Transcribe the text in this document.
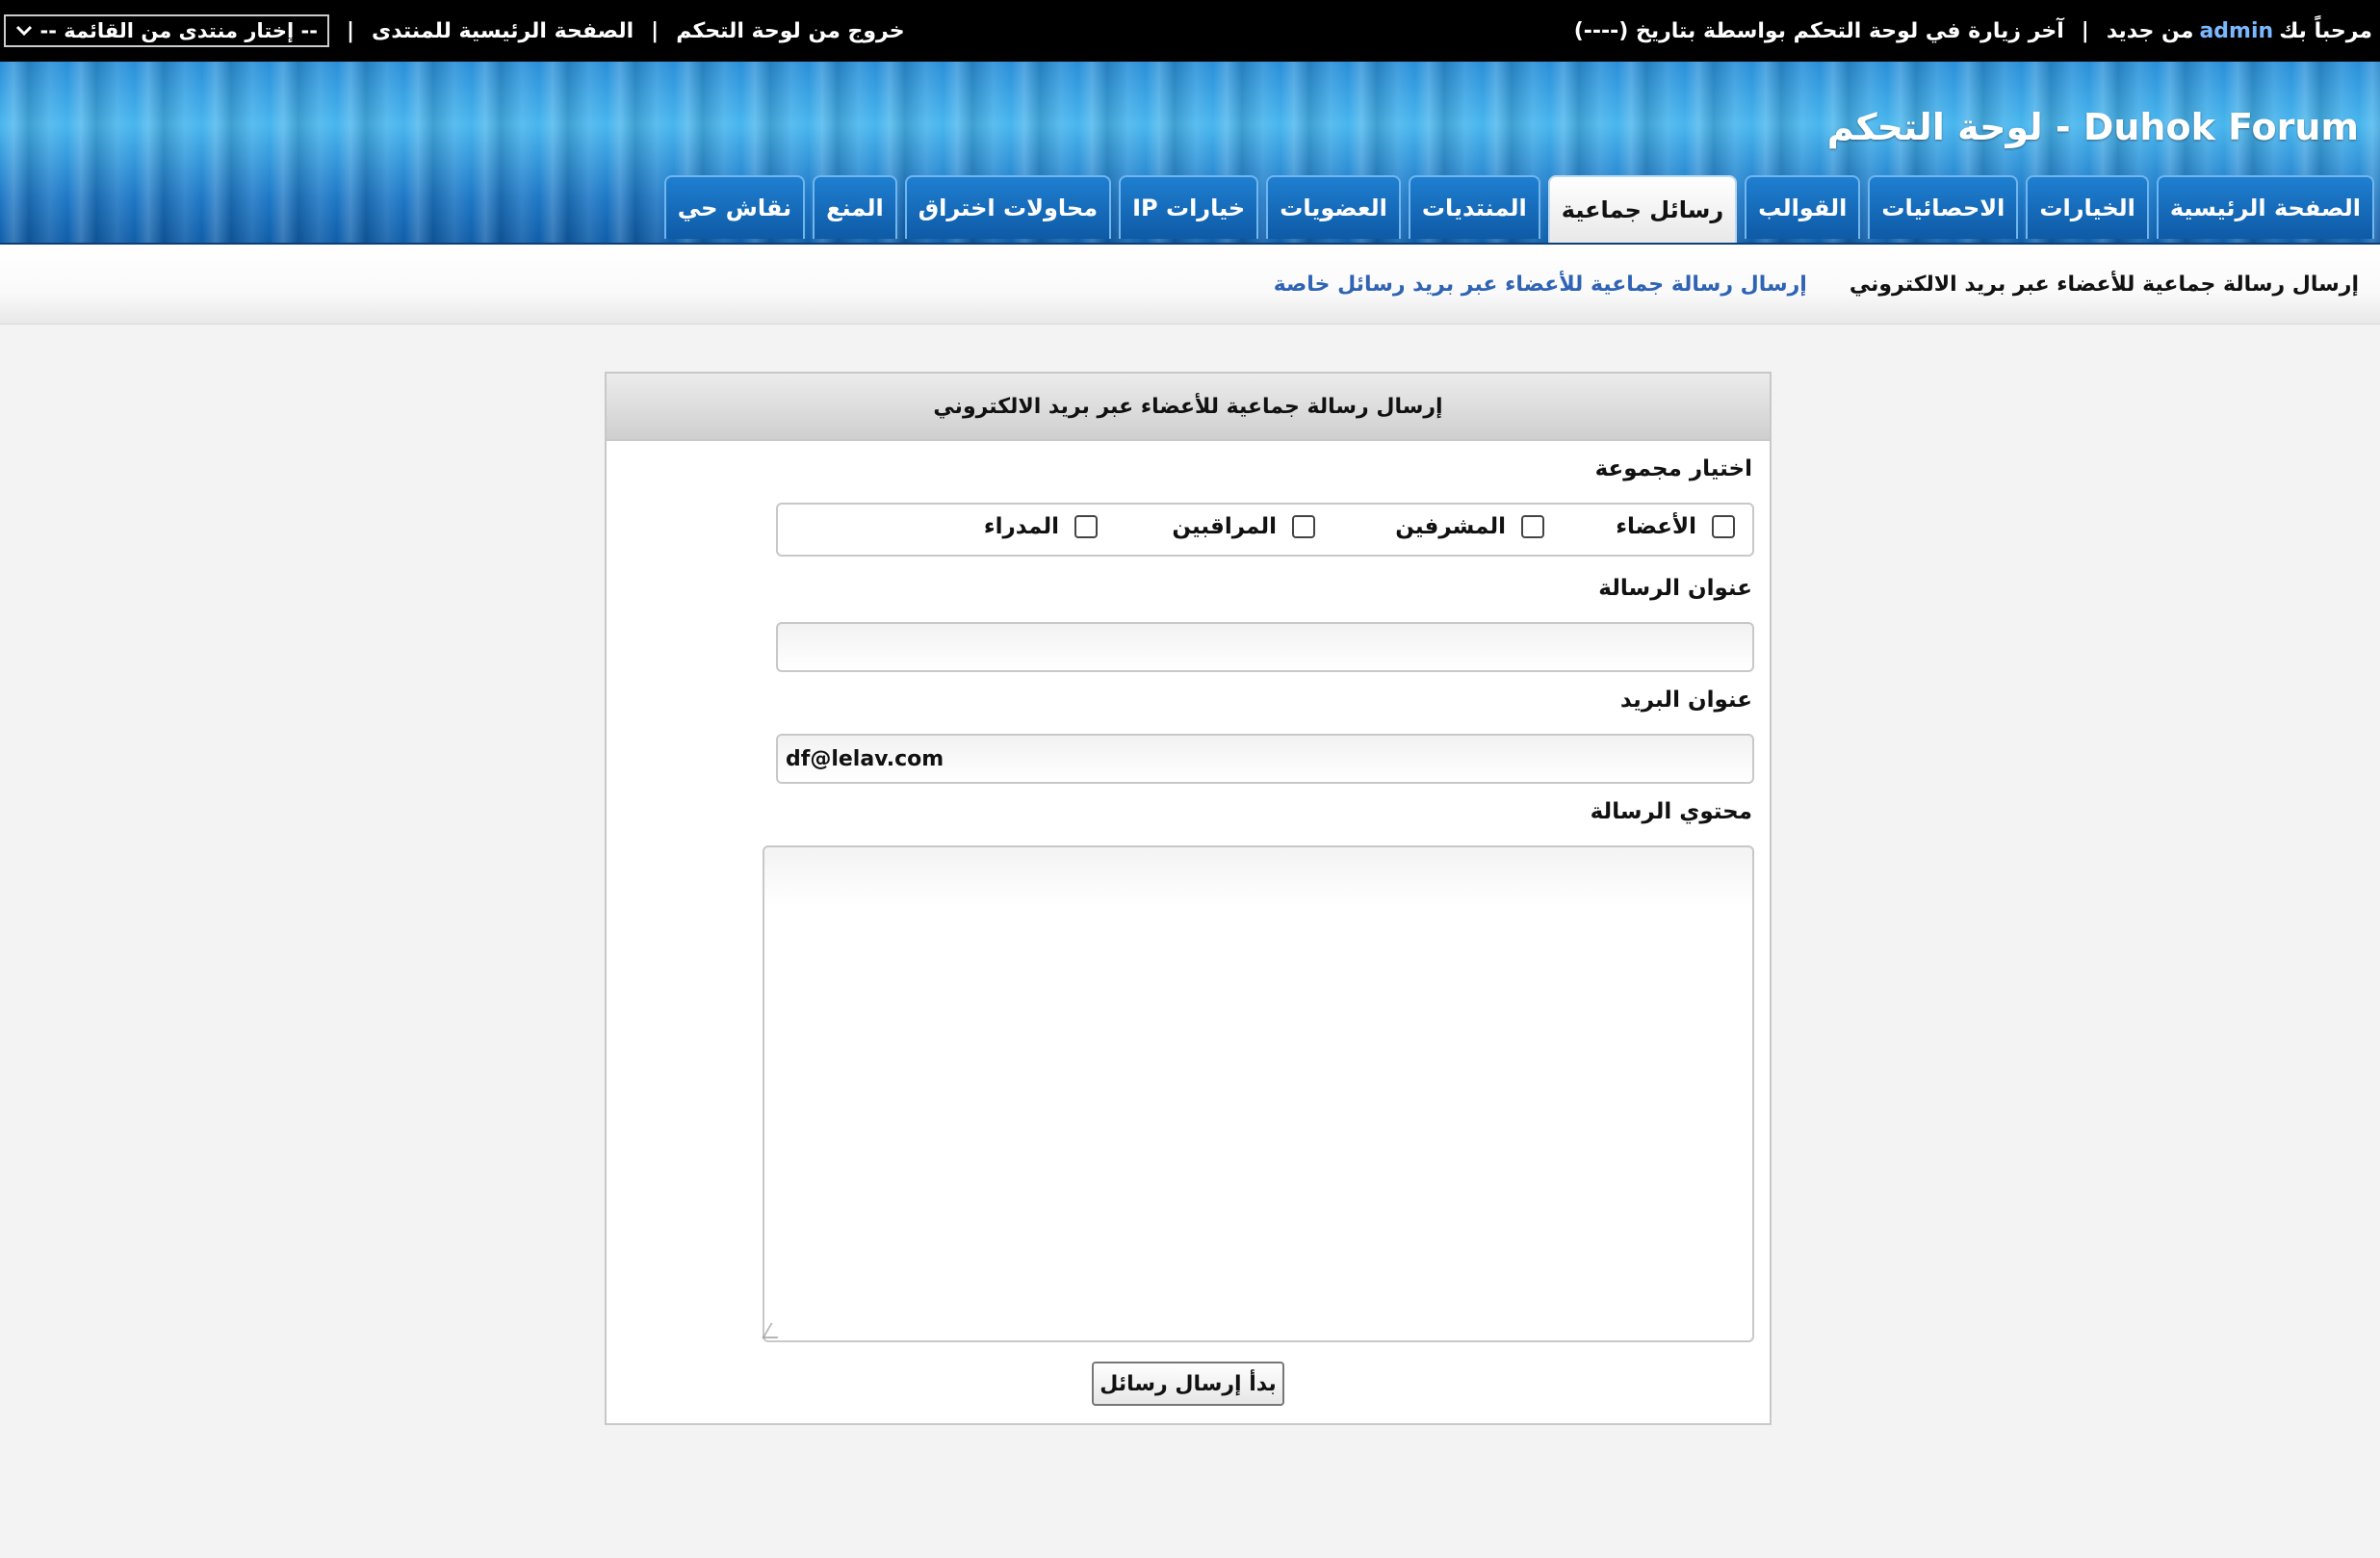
خروج من لوحة التحكم
|
الصفحة الرئيسية للمنتدى
|
-- إختار منتدى من القائمة --	مرحباً بك
admin
من جديد
|
آخر زيارة في لوحة التحكم بواسطة بتاريخ (----)
Duhok Forum - لوحة التحكم
الصفحة الرئيسية
الخيارات
الاحصائيات
القوالب
رسائل جماعية
المنتديات
العضويات
خيارات IP
محاولات اختراق
المنع
نقاش حي
إرسال رسالة جماعية للأعضاء عبر بريد الالكتروني
إرسال رسالة جماعية للأعضاء عبر بريد رسائل خاصة
إرسال رسالة جماعية للأعضاء عبر بريد الالكتروني
اختيار مجموعة
الأعضاء
المشرفين
المراقبين
المدراء
عنوان الرسالة
عنوان البريد
df@lelav.com
محتوي الرسالة
بدأ إرسال رسائل
